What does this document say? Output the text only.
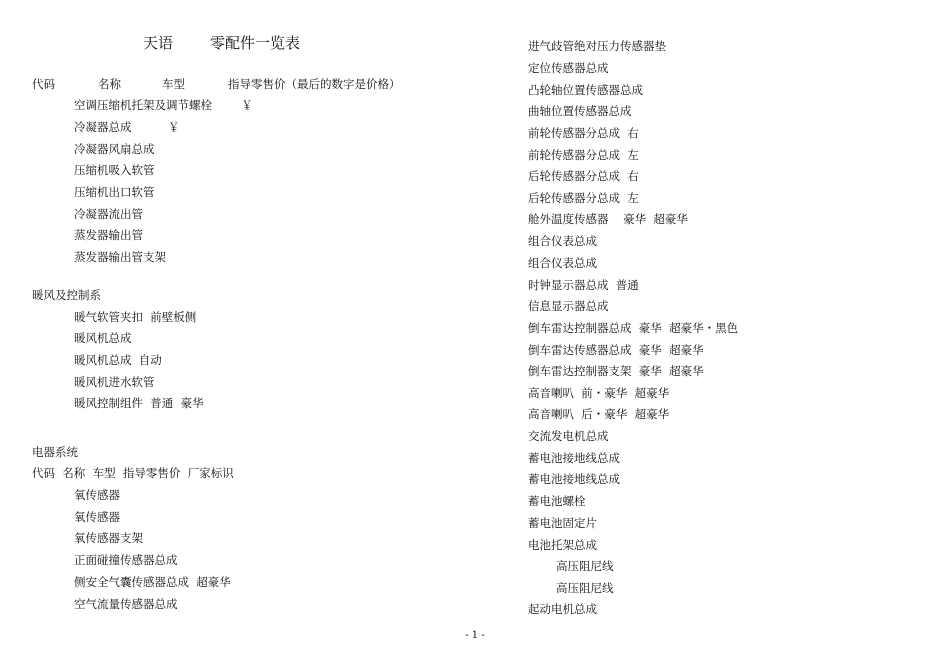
天语 零配件一览表
代码	名称	车型	指导零售价（最后的数字是价格）
空调压缩机托架及调节螺栓        ￥
冷凝器总成          ￥
冷凝器风扇总成
压缩机吸入软管
压缩机出口软管
冷凝器流出管
蒸发器输出管
蒸发器输出管支架
暖风及控制系
暖气软管夹扣  前壁板侧
暖风机总成
暖风机总成  自动
暖风机进水软管
暖风控制组件  普通  豪华
电器系统
代码  名称  车型  指导零售价  厂家标识
氧传感器
氧传感器
氧传感器支架
正面碰撞传感器总成
侧安全气囊传感器总成  超豪华
空气流量传感器总成
进气歧管绝对压力传感器垫
定位传感器总成
凸轮轴位置传感器总成
曲轴位置传感器总成
前轮传感器分总成  右
前轮传感器分总成  左
后轮传感器分总成  右
后轮传感器分总成  左
舱外温度传感器    豪华  超豪华
组合仪表总成
组合仪表总成
时钟显示器总成  普通
信息显示器总成
倒车雷达控制器总成  豪华  超豪华・黑色
倒车雷达传感器总成  豪华  超豪华
倒车雷达控制器支架  豪华  超豪华
高音喇叭  前・豪华  超豪华
高音喇叭  后・豪华  超豪华
交流发电机总成
蓄电池接地线总成
蓄电池接地线总成
蓄电池螺栓
蓄电池固定片
电池托架总成
高压阻尼线
高压阻尼线
起动电机总成
- 1 -
